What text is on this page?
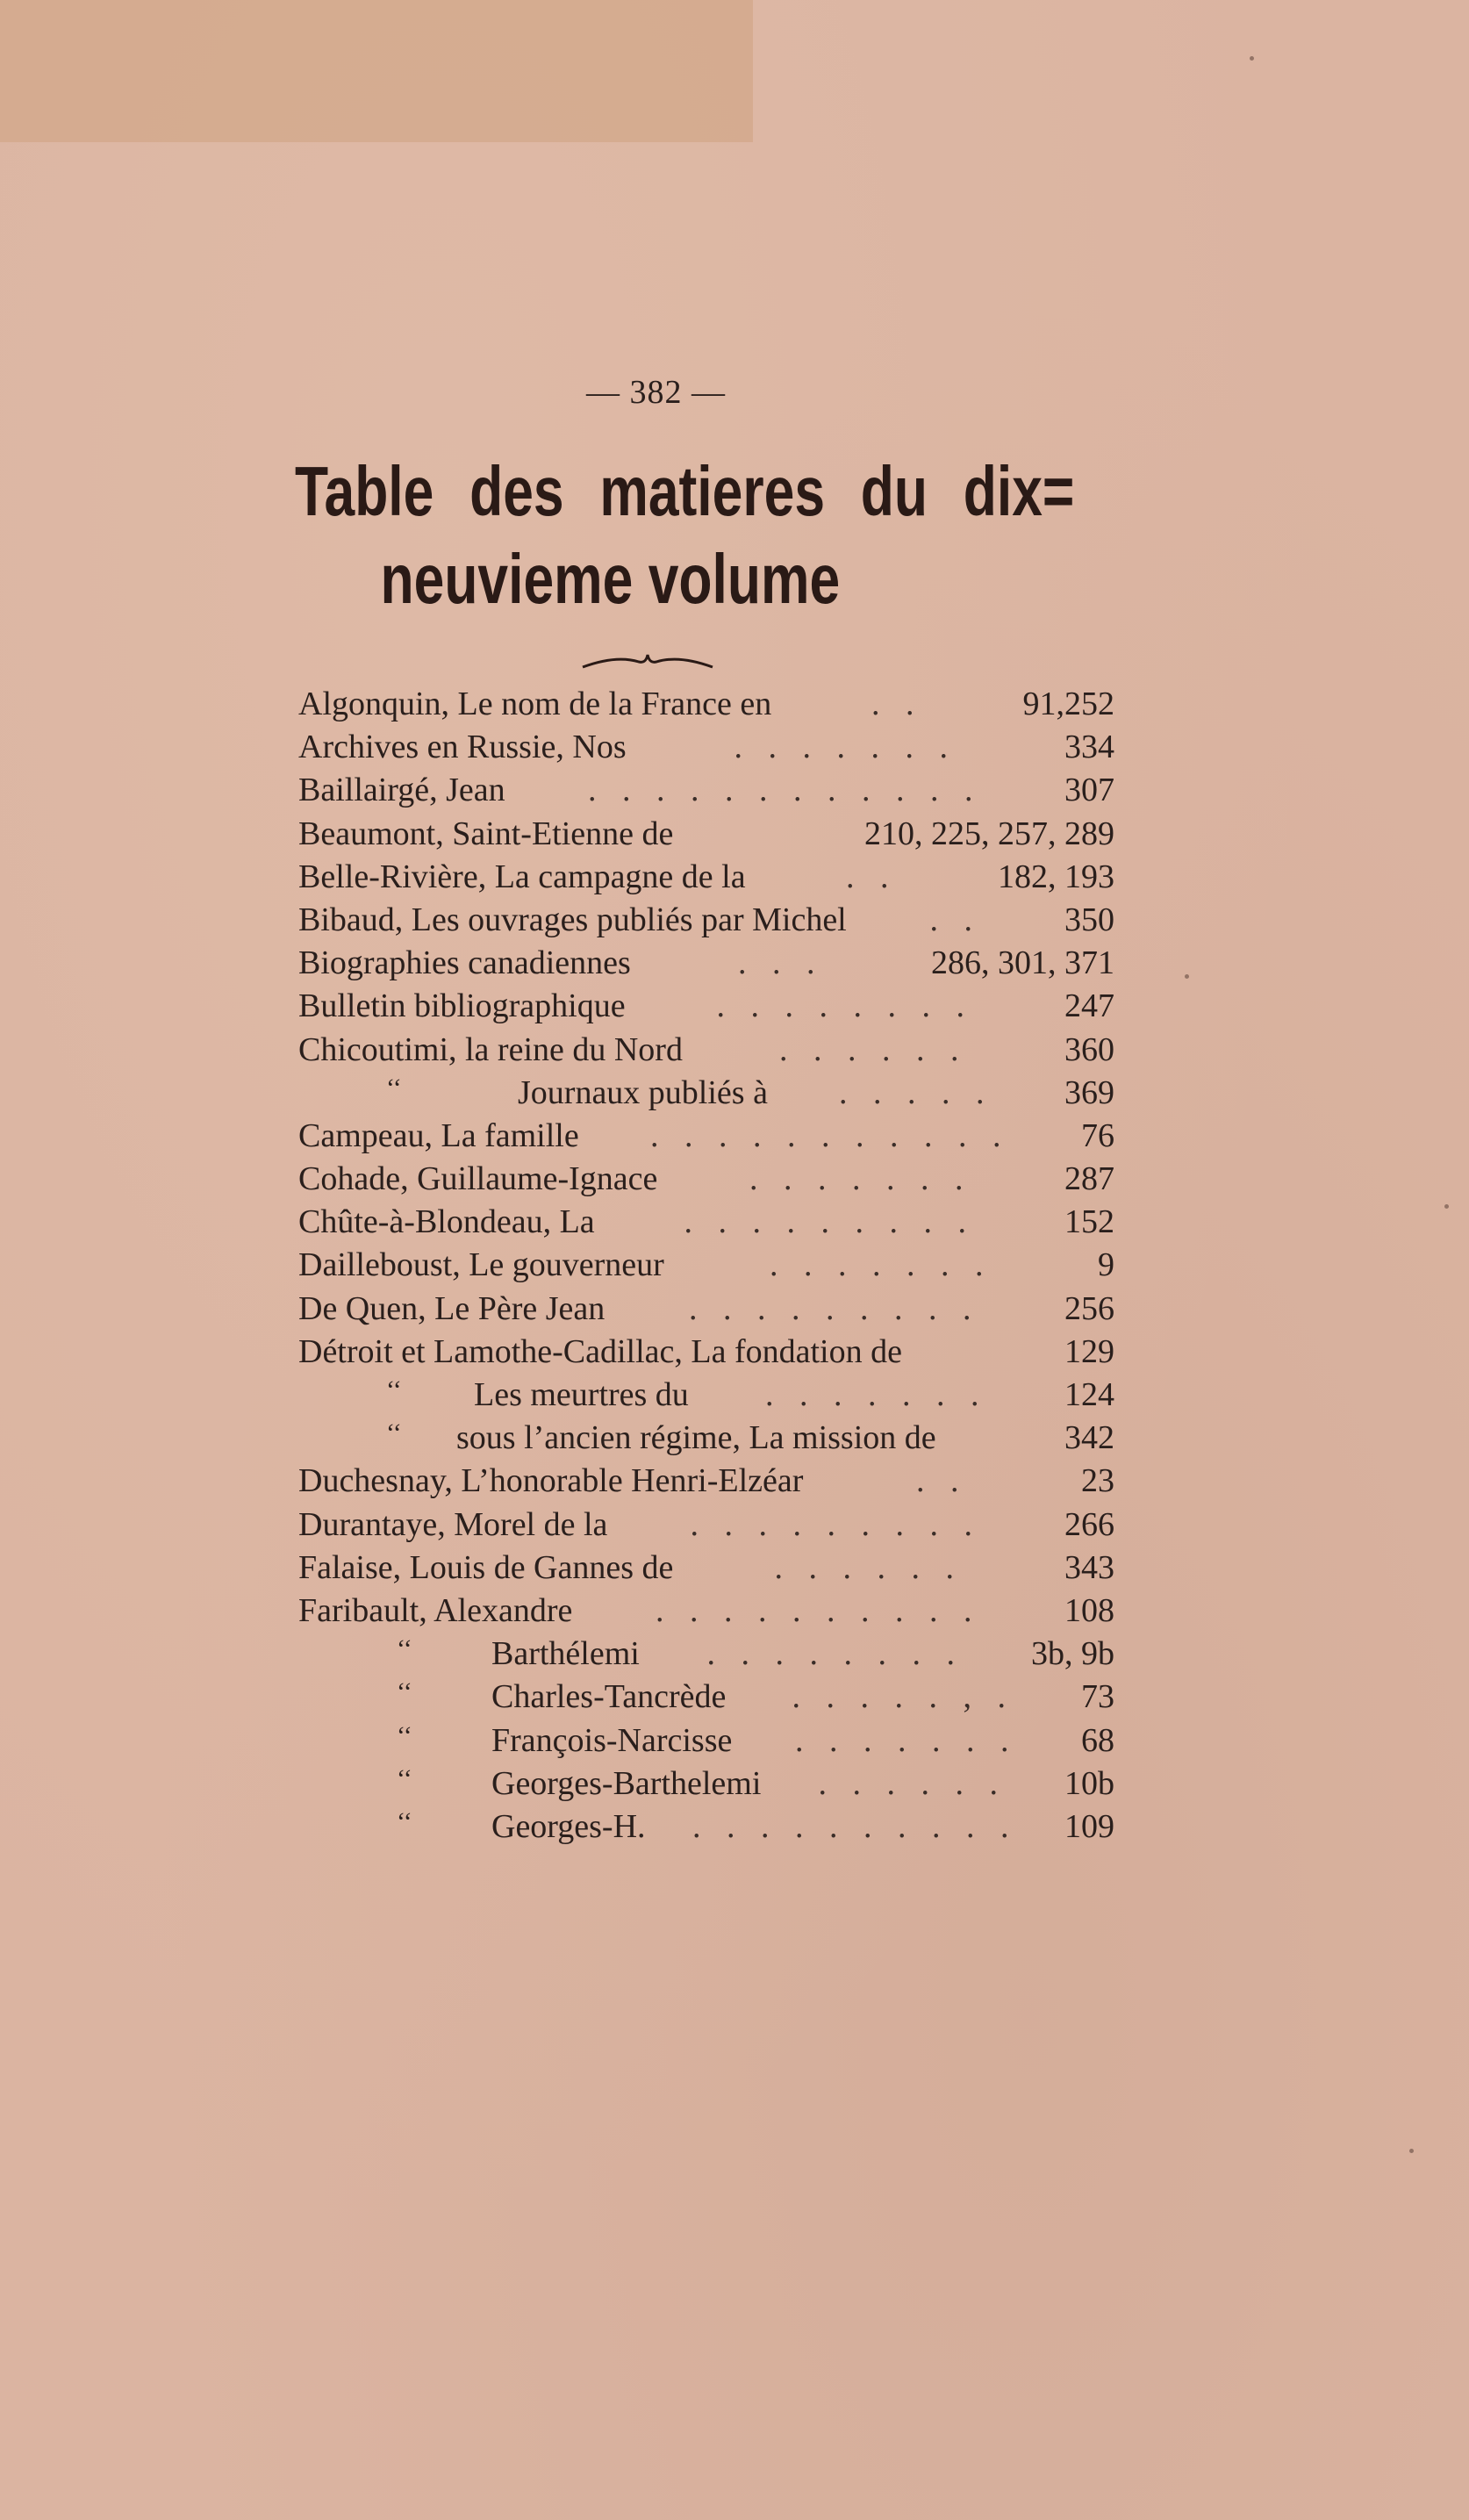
— 382 —
Table des matieres du dix=
neuvieme volume
Algonquin, Le nom de la France en	. .	91,252
Archives en Russie, Nos	. . . . . . .	334
Baillairgé, Jean . . . . . . . . . . . . 307
Beaumont, Saint-Etienne de	210, 225, 257, 289
Belle-Rivière, La campagne de la	. .	182, 193
Bibaud, Les ouvrages publiés par Michel . .	350
Biographies canadiennes	. . .	286, 301, 371
Bulletin bibliographique	. . . . . . . .	247
Chicoutimi, la reine du Nord	. . . . . .	360
‘‘	Journaux publiés à . . . . . 369
Campeau, La famille . . . . . . . . . . . 76
Cohade, Guillaume-Ignace	. . . . . . .	287
Chûte-à-Blondeau, La	. . . . . . . . .	152
Dailleboust, Le gouverneur	. . . . . . .	9
De Quen, Le Père Jean	. . . . . . . . .	256
Détroit et Lamothe-Cadillac, La fondation de	129
‘‘ Les meurtres du . . . . . . . 124
‘‘ sous l’ancien régime, La mission de	342
Duchesnay, L’honorable Henri-Elzéar	. .	23
Durantaye, Morel de la . . . . . . . . .	266
Falaise, Louis de Gannes de	. . . . . .	343
Faribault, Alexandre . . . . . . . . . .	108
‘‘ Barthélemi . . . . . . . . 3b, 9b
‘‘ Charles-Tancrède . . . . . , . 73
‘‘ François-Narcisse . . . . . . . 68
‘‘ Georges-Barthelemi . . . . . . 10b
‘‘ Georges-H. . . . . . . . . . . 109
